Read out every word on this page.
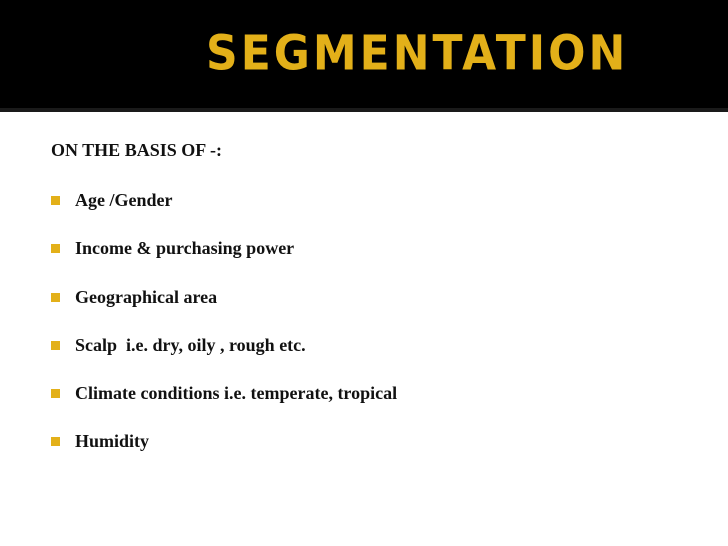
SEGMENTATION
ON THE BASIS OF -:
Age /Gender
Income & purchasing power
Geographical area
Scalp  i.e. dry, oily , rough etc.
Climate conditions i.e. temperate, tropical
Humidity
